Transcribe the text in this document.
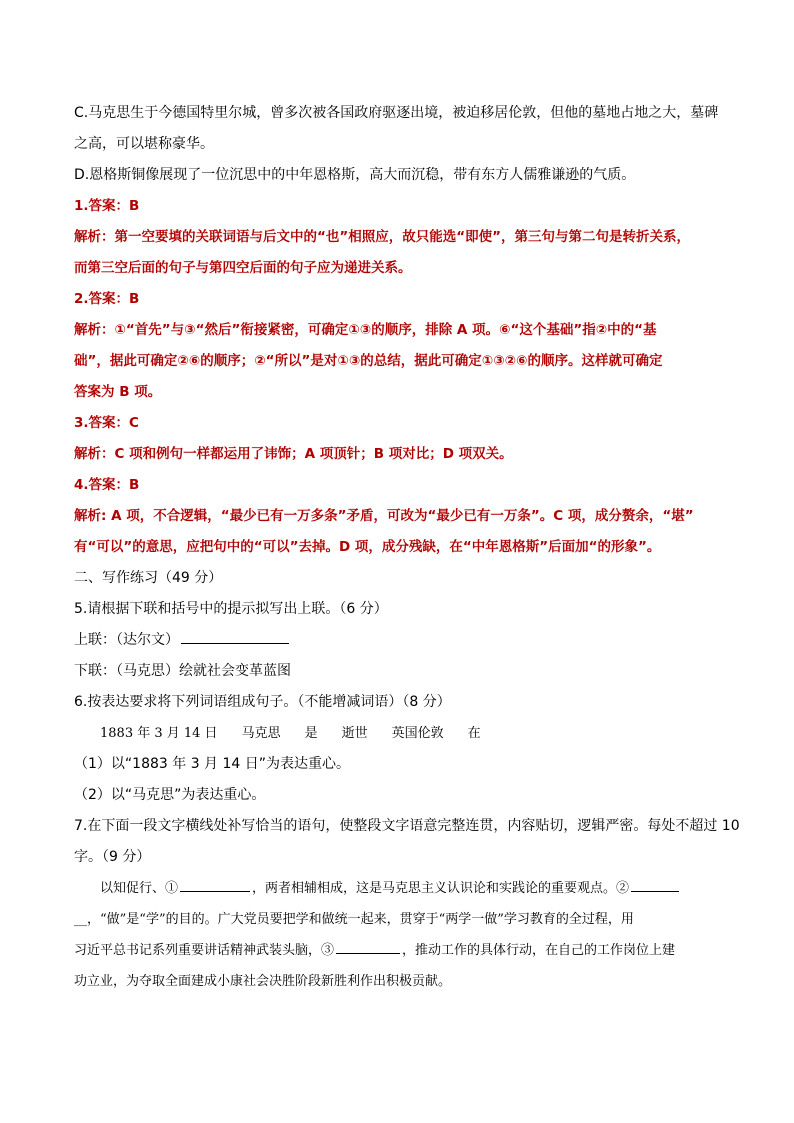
C.马克思生于今德国特里尔城，曾多次被各国政府驱逐出境，被迫移居伦敦，但他的墓地占地之大，墓碑

之高，可以堪称豪华。

D.恩格斯铜像展现了一位沉思中的中年恩格斯，高大而沉稳，带有东方人儒雅谦逊的气质。

1.答案：B

解析：第一空要填的关联词语与后文中的“也”相照应，故只能选“即使”，第三句与第二句是转折关系，

而第三空后面的句子与第四空后面的句子应为递进关系。

2.答案：B

解析：①“首先”与③“然后”衔接紧密，可确定①③的顺序，排除 A 项。⑥“这个基础”指②中的“基

础”，据此可确定②⑥的顺序；②“所以”是对①③的总结，据此可确定①③②⑥的顺序。这样就可确定

答案为 B 项。

3.答案：C

解析：C 项和例句一样都运用了讳饰；A 项顶针；B 项对比；D 项双关。

4.答案：B

解析: A 项，不合逻辑，“最少已有一万多条”矛盾，可改为“最少已有一万条”。C 项，成分赘余，“堪”

有“可以”的意思，应把句中的“可以”去掉。D 项，成分残缺，在“中年恩格斯”后面加“的形象”。

二、写作练习（49 分）

5.请根据下联和括号中的提示拟写出上联。（6 分）

上联：（达尔文）

下联：（马克思）绘就社会变革蓝图

6.按表达要求将下列词语组成句子。（不能增减词语）（8 分）

1883 年 3 月 14 日 马克思 是 逝世 英国伦敦 在

（1）以“1883 年 3 月 14 日”为表达重心。

（2）以“马克思”为表达重心。

7.在下面一段文字横线处补写恰当的语句，使整段文字语意完整连贯，内容贴切，逻辑严密。每处不超过 10

字。（9 分）

以知促行、①	，两者相辅相成，这是马克思主义认识论和实践论的重要观点。②

__，“做”是“学”的目的。广大党员要把学和做统一起来，贯穿于“两学一做”学习教育的全过程，用

习近平总书记系列重要讲话精神武装头脑，③	，推动工作的具体行动，在自己的工作岗位上建

功立业，为夺取全面建成小康社会决胜阶段新胜利作出积极贡献。
